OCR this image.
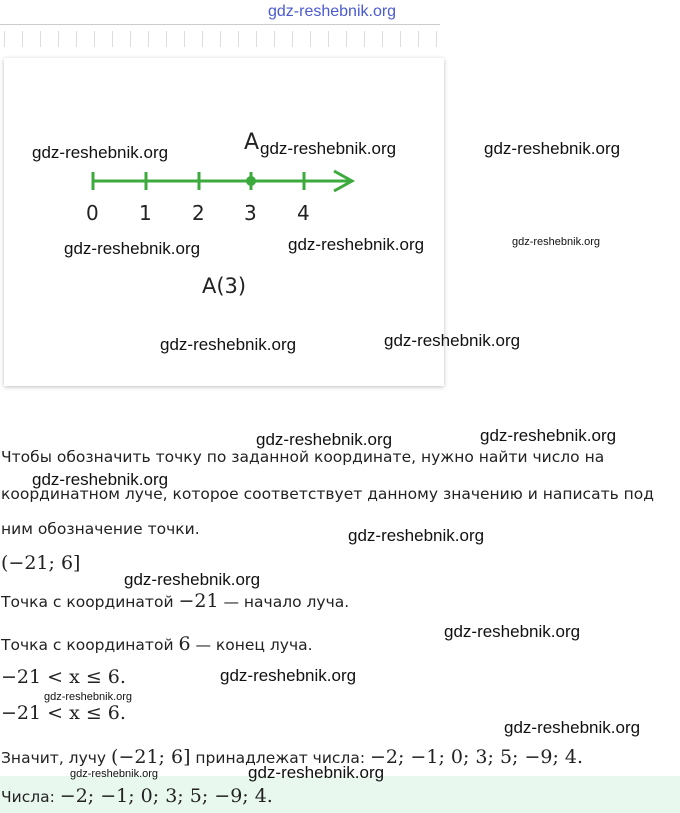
gdz-reshebnik.org
A
0 1 2 3 4
A(3)
gdz-reshebnik.org	gdz-reshebnik.org	gdz-reshebnik.org
gdz-reshebnik.org	gdz-reshebnik.org	gdz-reshebnik.org
gdz-reshebnik.org	gdz-reshebnik.org
Чтобы обозначить точку по заданной координате, нужно найти число на
координатном луче, которое соответствует данному значению и написать под
ним обозначение точки.
(−21; 6]
Точка с координатой −21 — начало луча.
Точка с координатой 6 — конец луча.
−21 < x ≤ 6.
−21 < x ≤ 6.
Значит, лучу (−21; 6] принадлежат числа: −2; −1; 0; 3; 5; −9; 4.
Числа: −2; −1; 0; 3; 5; −9; 4.
gdz-reshebnik.org	gdz-reshebnik.org
gdz-reshebnik.org
gdz-reshebnik.org
gdz-reshebnik.org
gdz-reshebnik.org
gdz-reshebnik.org
gdz-reshebnik.org
gdz-reshebnik.org
gdz-reshebnik.org	gdz-reshebnik.org
